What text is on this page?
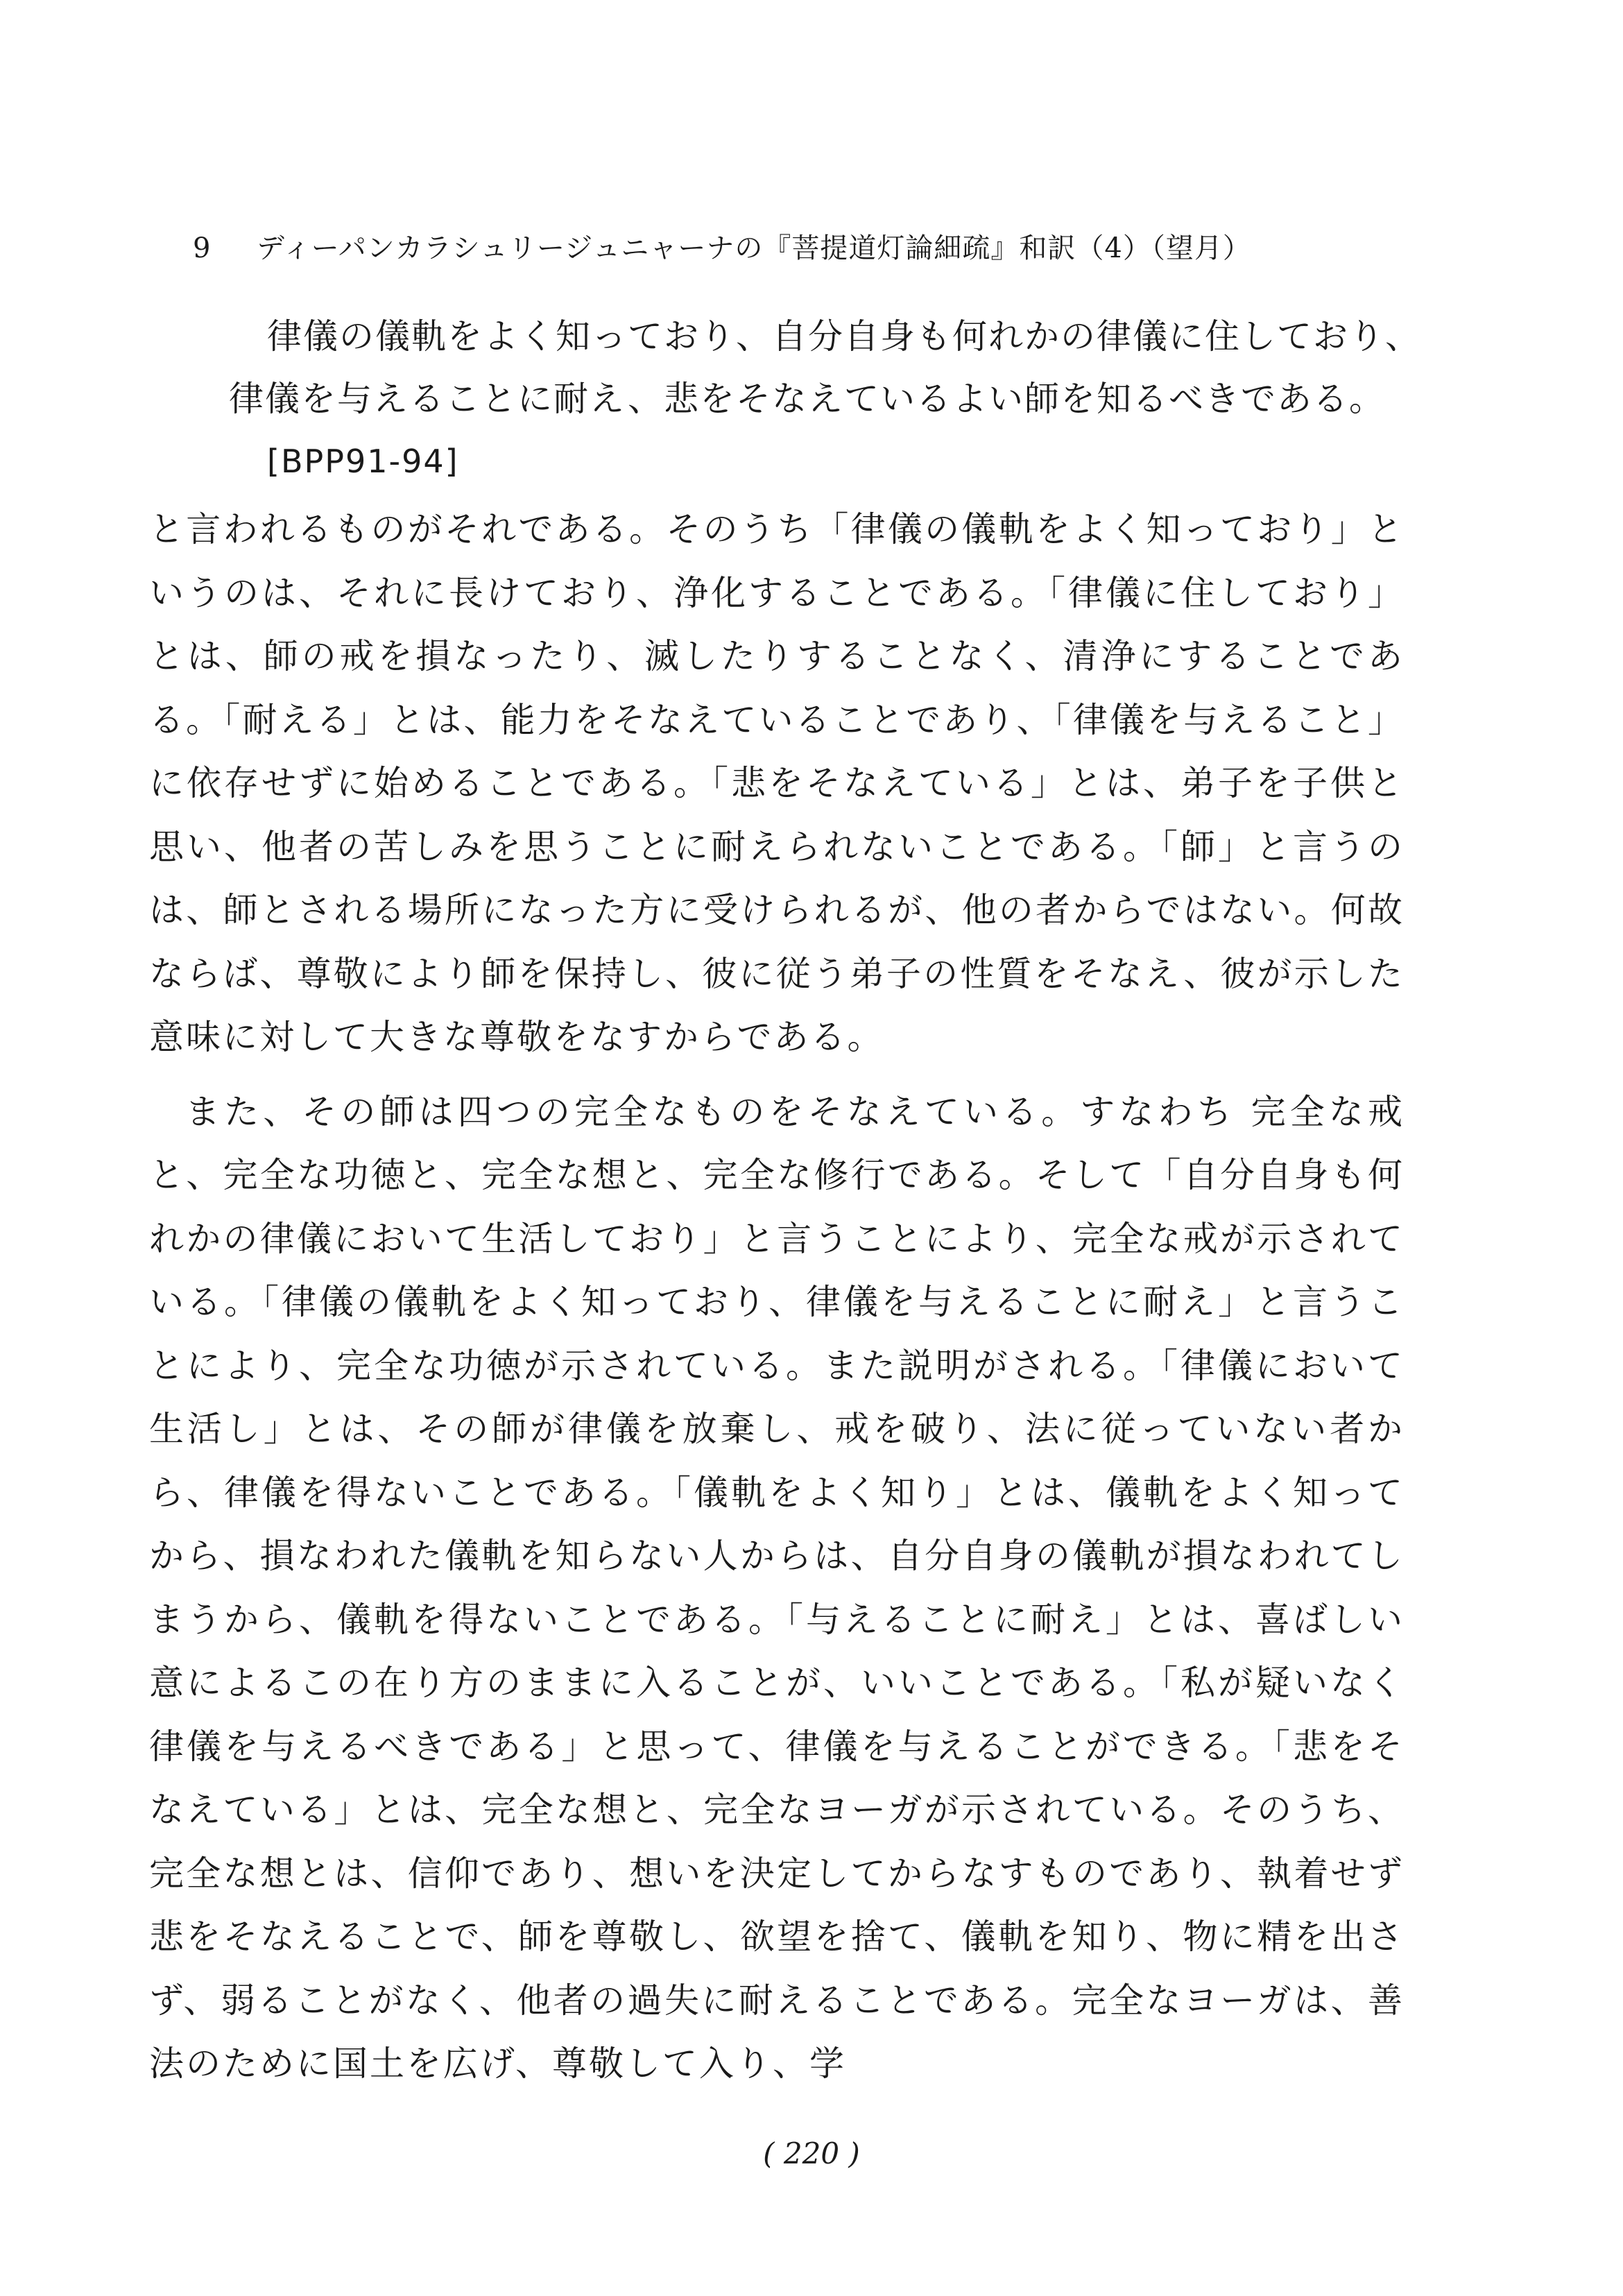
9 ディーパンカラシュリージュニャーナの『菩提道灯論細疏』和訳（4）（望月）
律儀の儀軌をよく知っており、自分自身も何れかの律儀に住しており、
律儀を与えることに耐え、悲をそなえているよい師を知るべきである。
[BPP91-94]

と言われるものがそれである。そのうち「律儀の儀軌をよく知っており」というのは、それに長けており、浄化することである。「律儀に住しており」とは、師の戒を損なったり、滅したりすることなく、清浄にすることである。「耐える」とは、能力をそなえていることであり、「律儀を与えること」に依存せずに始めることである。「悲をそなえている」とは、弟子を子供と思い、他者の苦しみを思うことに耐えられないことである。「師」と言うのは、師とされる場所になった方に受けられるが、他の者からではない。何故ならば、尊敬により師を保持し、彼に従う弟子の性質をそなえ、彼が示した意味に対して大きな尊敬をなすからである。

また、その師は四つの完全なものをそなえている。すなわち 完全な戒と、完全な功徳と、完全な想と、完全な修行である。そして「自分自身も何れかの律儀において生活しており」と言うことにより、完全な戒が示されている。「律儀の儀軌をよく知っており、律儀を与えることに耐え」と言うことにより、完全な功徳が示されている。また説明がされる。「律儀において生活し」とは、その師が律儀を放棄し、戒を破り、法に従っていない者から、律儀を得ないことである。「儀軌をよく知り」とは、儀軌をよく知ってから、損なわれた儀軌を知らない人からは、自分自身の儀軌が損なわれてしまうから、儀軌を得ないことである。「与えることに耐え」とは、喜ばしい意によるこの在り方のままに入ることが、いいことである。「私が疑いなく律儀を与えるべきである」と思って、律儀を与えることができる。「悲をそなえている」とは、完全な想と、完全なヨーガが示されている。そのうち、完全な想とは、信仰であり、想いを決定してからなすものであり、執着せず悲をそなえることで、師を尊敬し、欲望を捨て、儀軌を知り、物に精を出さず、弱ることがなく、他者の過失に耐えることである。完全なヨーガは、善法のために国土を広げ、尊敬して入り、学

( 220 )
